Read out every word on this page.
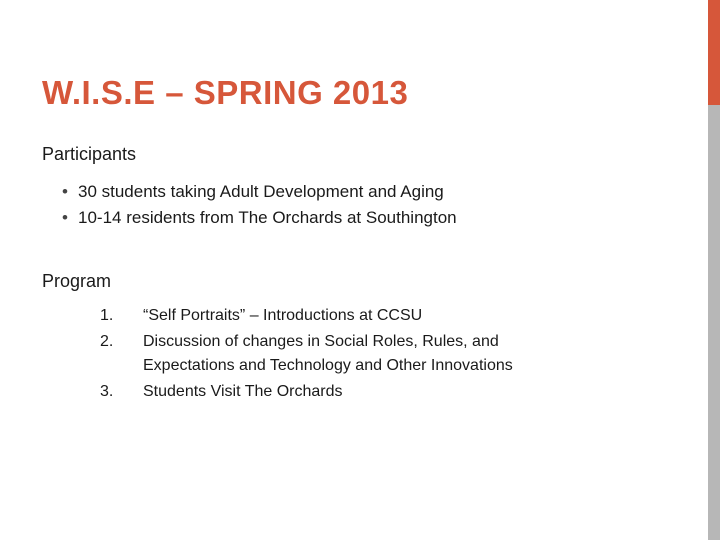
W.I.S.E – SPRING 2013

Participants

• 30 students taking Adult Development and Aging
• 10-14 residents from The Orchards at Southington

Program

1.	“Self Portraits” – Introductions at CCSU
2.	Discussion of changes in Social Roles, Rules, and Expectations and Technology and Other Innovations
3.	Students Visit The Orchards
